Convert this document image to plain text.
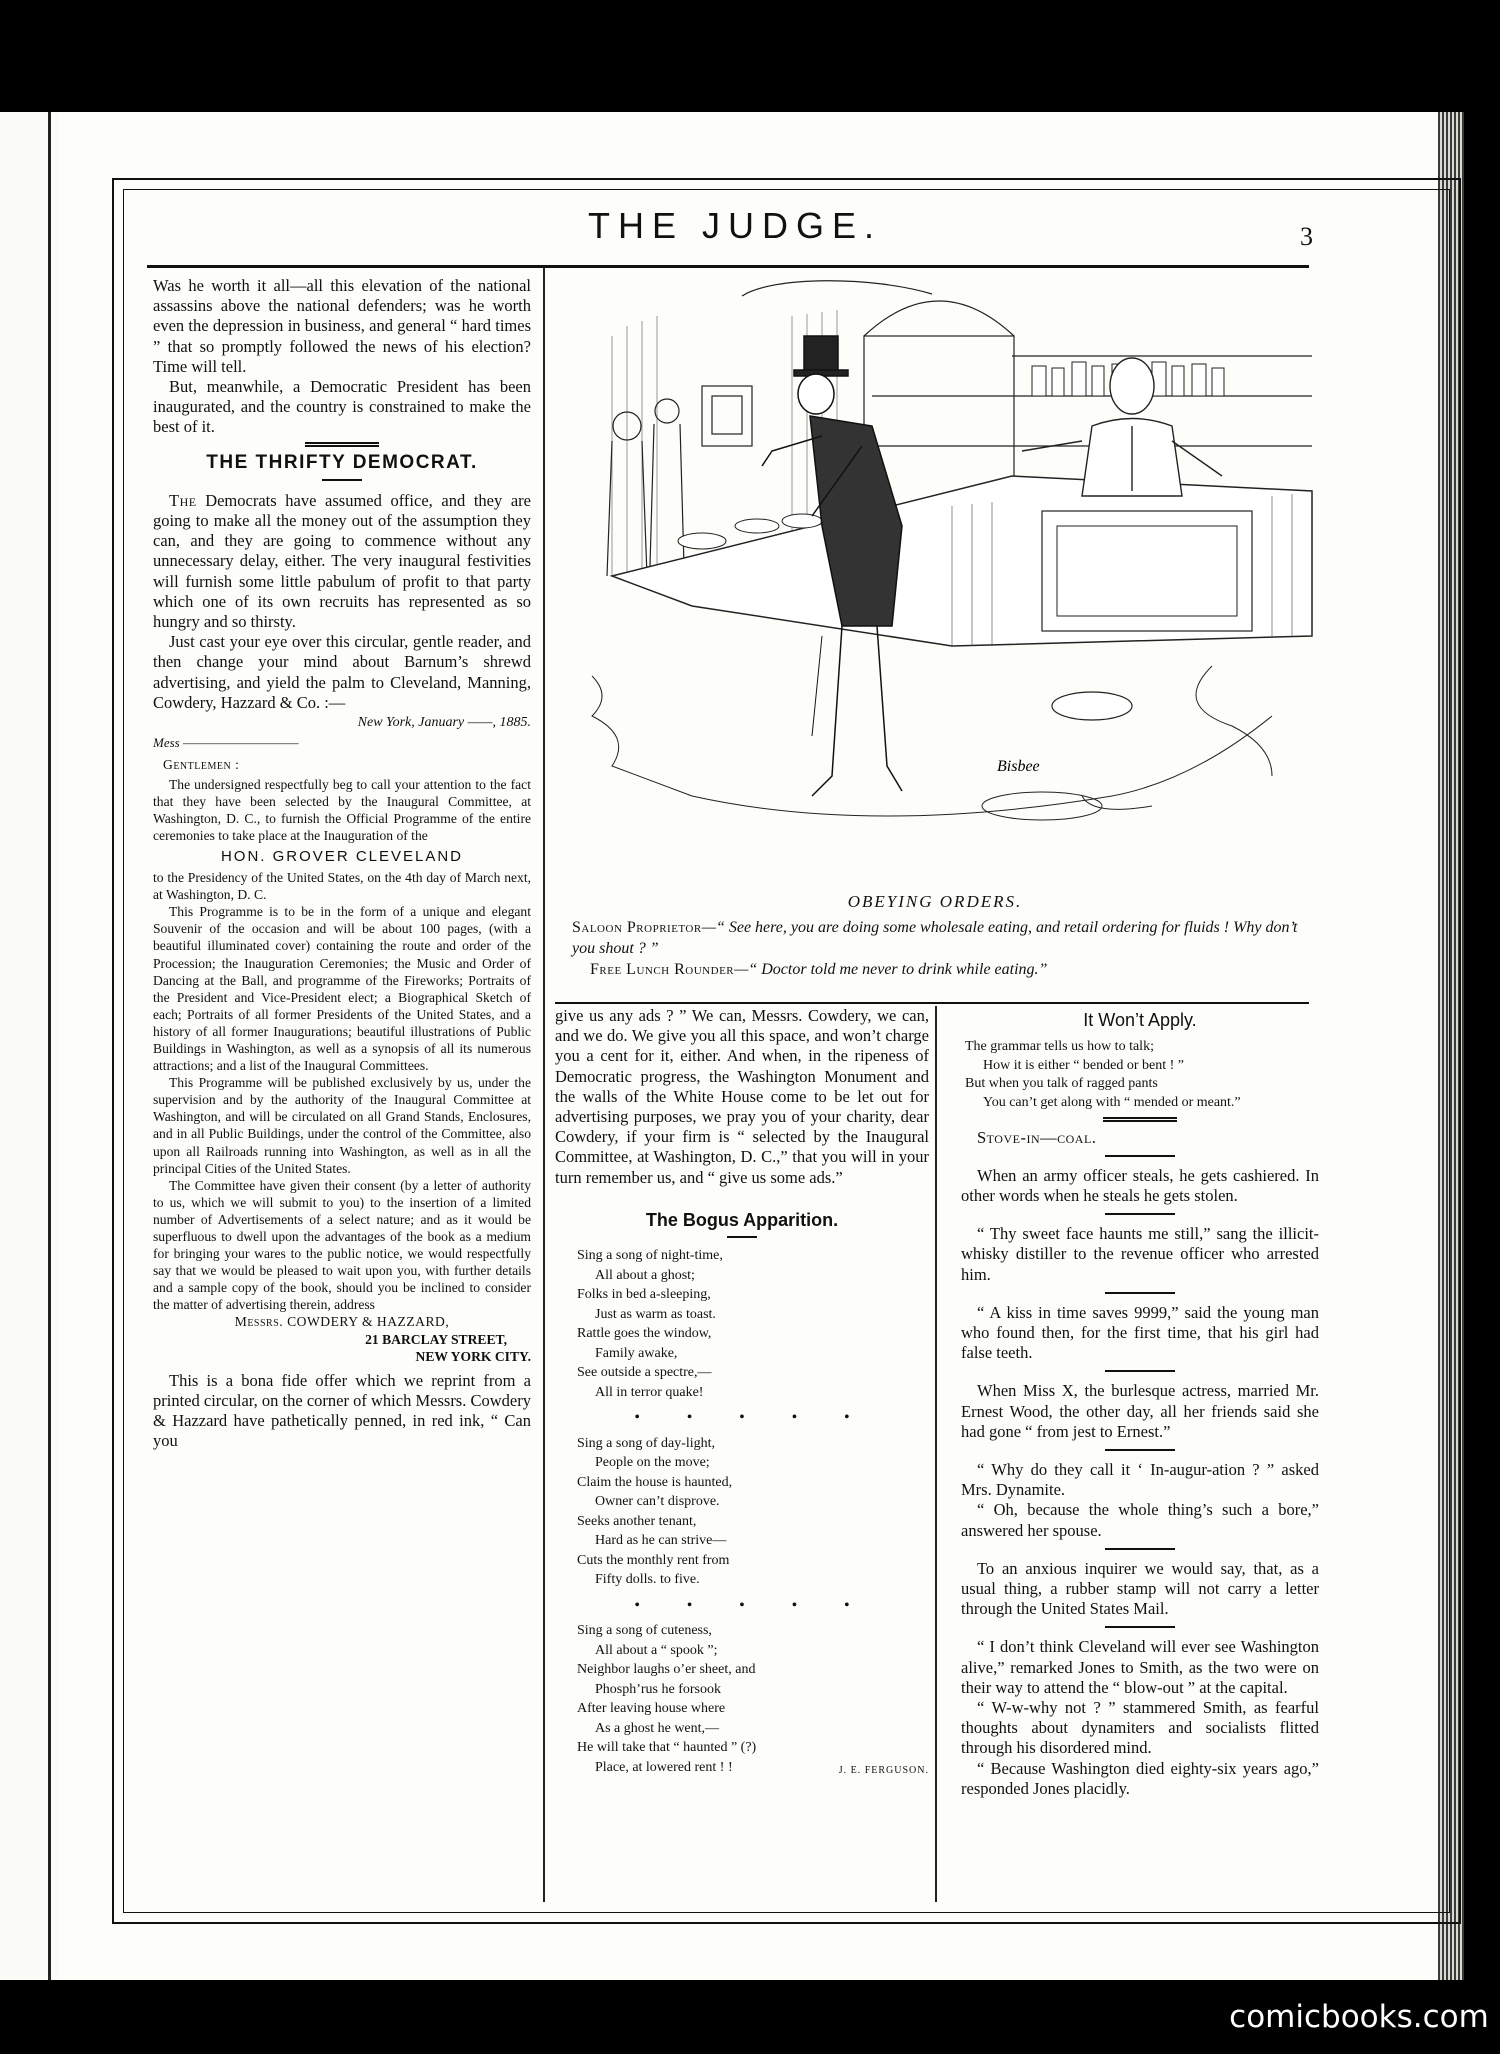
THE JUDGE.	3

Was he worth it all—all this elevation of the national assassins above the national defenders; was he worth even the depression in business, and general “ hard times ” that so promptly followed the news of his election? Time will tell.

But, meanwhile, a Democratic President has been inaugurated, and the country is constrained to make the best of it.

THE THRIFTY DEMOCRAT.

The Democrats have assumed office, and they are going to make all the money out of the assumption they can, and they are going to commence without any unnecessary delay, either. The very inaugural festivities will furnish some little pabulum of profit to that party which one of its own recruits has represented as so hungry and so thirsty.

Just cast your eye over this circular, gentle reader, and then change your mind about Barnum’s shrewd advertising, and yield the palm to Cleveland, Manning, Cowdery, Hazzard & Co. :—

New York, January ——, 1885.
Mess ——————————
Gentlemen :

The undersigned respectfully beg to call your attention to the fact that they have been selected by the Inaugural Committee, at Washington, D. C., to furnish the Official Programme of the entire ceremonies to take place at the Inauguration of the

HON. GROVER CLEVELAND

to the Presidency of the United States, on the 4th day of March next, at Washington, D. C.

This Programme is to be in the form of a unique and elegant Souvenir of the occasion and will be about 100 pages, (with a beautiful illuminated cover) containing the route and order of the Procession; the Inauguration Ceremonies; the Music and Order of Dancing at the Ball, and programme of the Fireworks; Portraits of the President and Vice-President elect; a Biographical Sketch of each; Portraits of all former Presidents of the United States, and a history of all former Inaugurations; beautiful illustrations of Public Buildings in Washington, as well as a synopsis of all its numerous attractions; and a list of the Inaugural Committees.

This Programme will be published exclusively by us, under the supervision and by the authority of the Inaugural Committee at Washington, and will be circulated on all Grand Stands, Enclosures, and in all Public Buildings, under the control of the Committee, also upon all Railroads running into Washington, as well as in all the principal Cities of the United States.

The Committee have given their consent (by a letter of authority to us, which we will submit to you) to the insertion of a limited number of Advertisements of a select nature; and as it would be superfluous to dwell upon the advantages of the book as a medium for bringing your wares to the public notice, we would respectfully say that we would be pleased to wait upon you, with further details and a sample copy of the book, should you be inclined to consider the matter of advertising therein, address

Messrs. COWDERY & HAZZARD,
21 BARCLAY STREET,
NEW YORK CITY.

This is a bona fide offer which we reprint from a printed circular, on the corner of which Messrs. Cowdery & Hazzard have pathetically penned, in red ink, “ Can you

Bisbee
OBEYING ORDERS.
Saloon Proprietor—“ See here, you are doing some wholesale eating, and retail ordering for fluids ! Why don’t you shout ? ”
Free Lunch Rounder—“ Doctor told me never to drink while eating.”

give us any ads ? ” We can, Messrs. Cowdery, we can, and we do. We give you all this space, and won’t charge you a cent for it, either. And when, in the ripeness of Democratic progress, the Washington Monument and the walls of the White House come to be let out for advertising purposes, we pray you of your charity, dear Cowdery, if your firm is “ selected by the Inaugural Committee, at Washington, D. C.,” that you will in your turn remember us, and “ give us some ads.”

The Bogus Apparition.
Sing a song of night-time,
All about a ghost;
Folks in bed a-sleeping,
Just as warm as toast.
Rattle goes the window,
Family awake,
See outside a spectre,—
All in terror quake!
• • • • •
Sing a song of day-light,
People on the move;
Claim the house is haunted,
Owner can’t disprove.
Seeks another tenant,
Hard as he can strive—
Cuts the monthly rent from
Fifty dolls. to five.
• • • • •
Sing a song of cuteness,
All about a “ spook ”;
Neighbor laughs o’er sheet, and
Phosph’rus he forsook
After leaving house where
As a ghost he went,—
He will take that “ haunted ” (?)
Place, at lowered rent ! !	J. E. FERGUSON.
It Won’t Apply.
The grammar tells us how to talk;
How it is either “ bended or bent ! ”
But when you talk of ragged pants
You can’t get along with “ mended or meant.”

Stove-in—coal.

When an army officer steals, he gets cashiered. In other words when he steals he gets stolen.

“ Thy sweet face haunts me still,” sang the illicit-whisky distiller to the revenue officer who arrested him.

“ A kiss in time saves 9999,” said the young man who found then, for the first time, that his girl had false teeth.

When Miss X, the burlesque actress, married Mr. Ernest Wood, the other day, all her friends said she had gone “ from jest to Ernest.”

“ Why do they call it ‘ In-augur-ation ? ” asked Mrs. Dynamite.

“ Oh, because the whole thing’s such a bore,” answered her spouse.

To an anxious inquirer we would say, that, as a usual thing, a rubber stamp will not carry a letter through the United States Mail.

“ I don’t think Cleveland will ever see Washington alive,” remarked Jones to Smith, as the two were on their way to attend the “ blow-out ” at the capital.

“ W-w-why not ? ” stammered Smith, as fearful thoughts about dynamiters and socialists flitted through his disordered mind.

“ Because Washington died eighty-six years ago,” responded Jones placidly.

comicbooks.com
